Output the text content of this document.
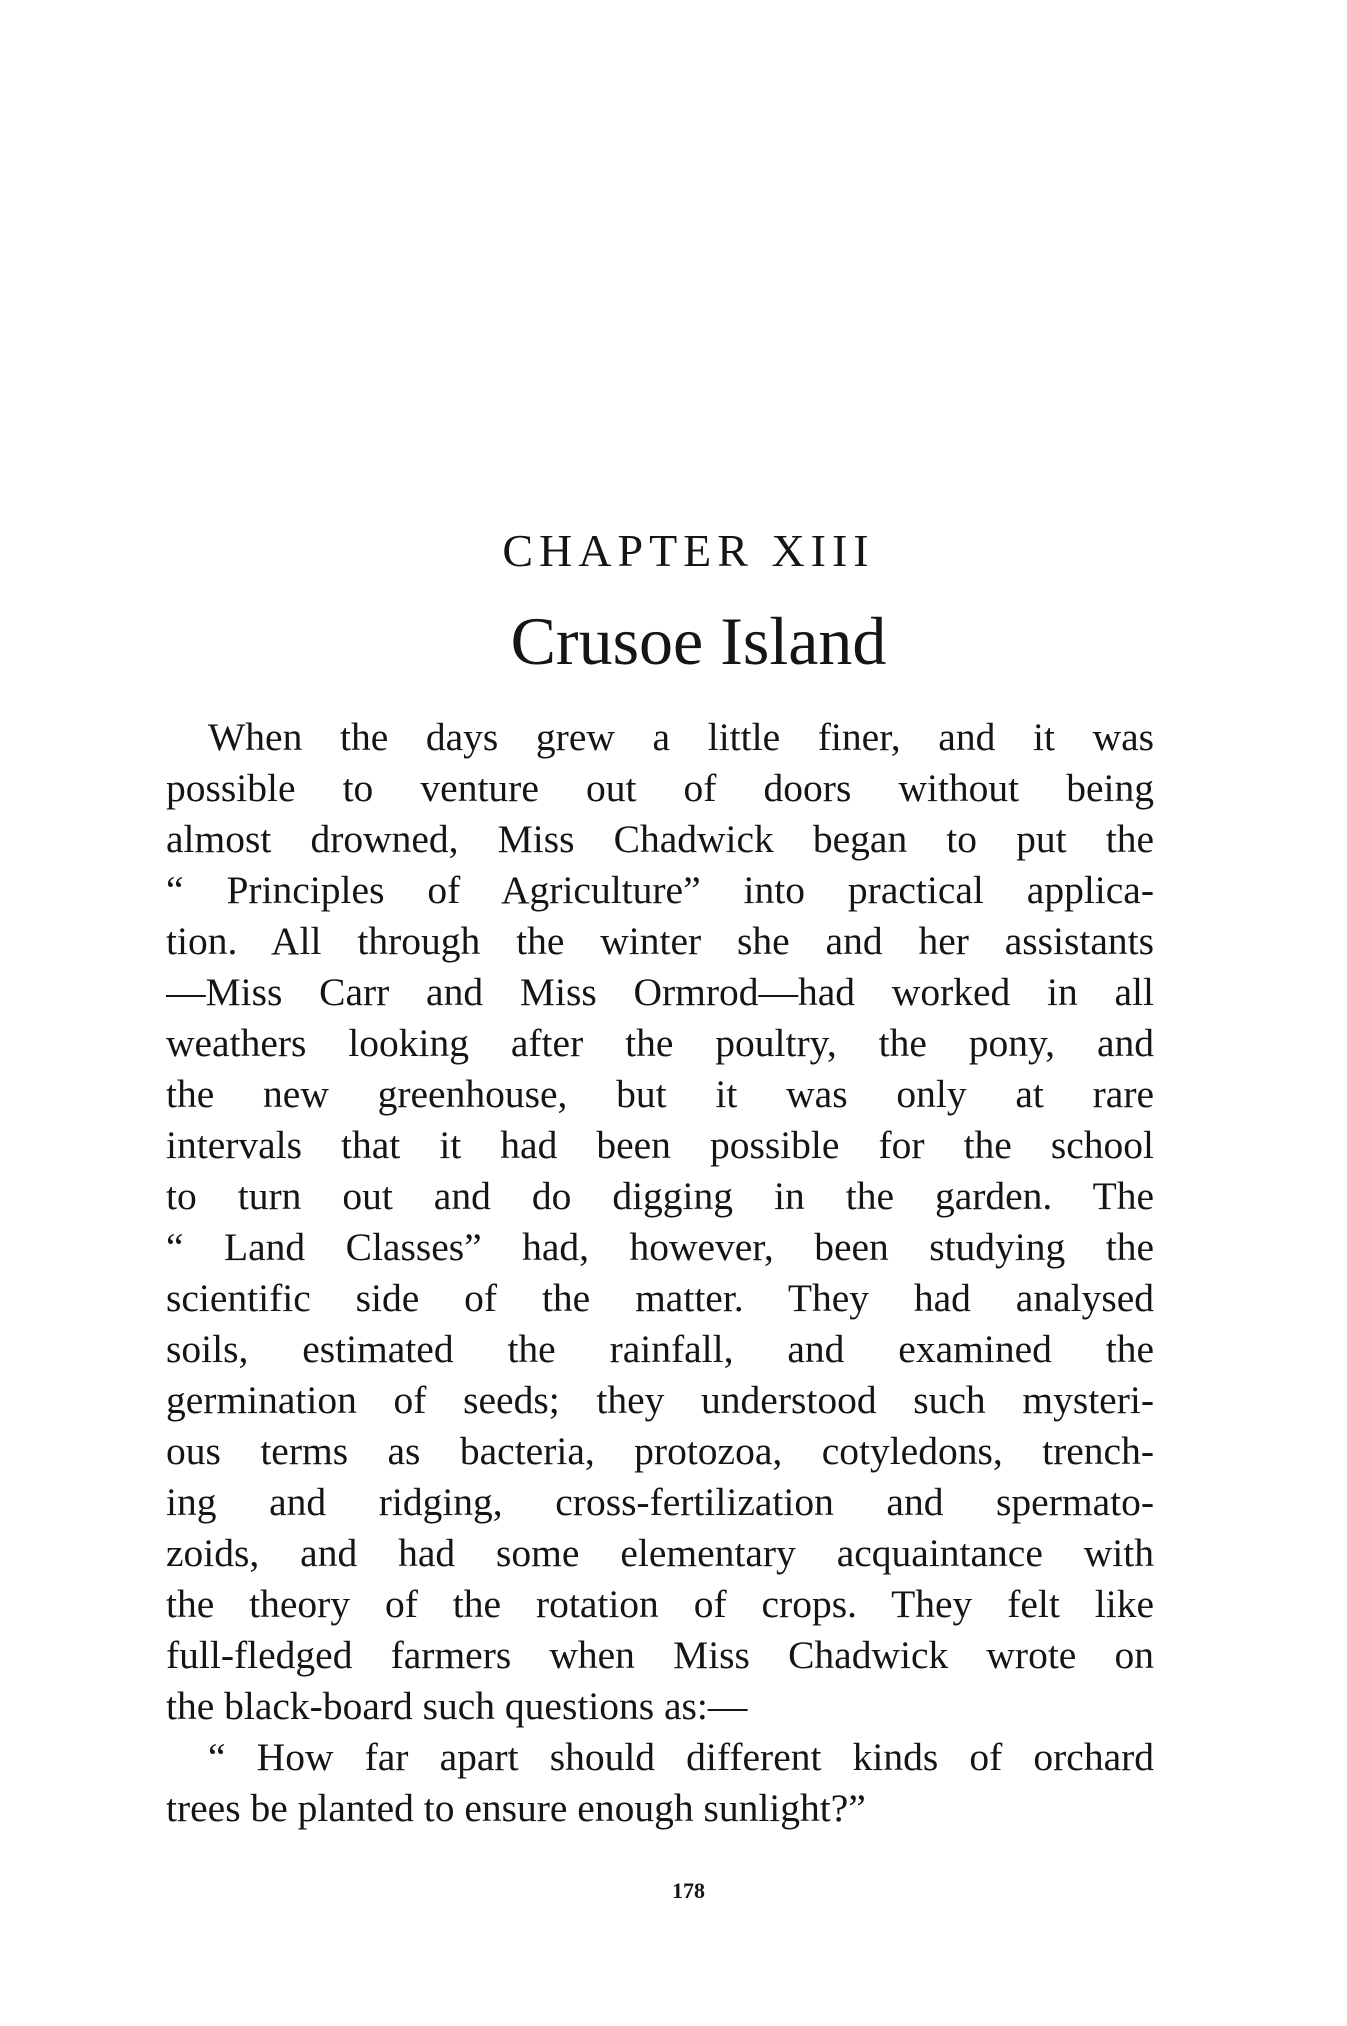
CHAPTER XIII
Crusoe Island

When the days grew a little finer, and it was
possible to venture out of doors without being
almost drowned, Miss Chadwick began to put the
“ Principles of Agriculture” into practical applica-
tion. All through the winter she and her assistants
—Miss Carr and Miss Ormrod—had worked in all
weathers looking after the poultry, the pony, and
the new greenhouse, but it was only at rare
intervals that it had been possible for the school
to turn out and do digging in the garden. The
“ Land Classes” had, however, been studying the
scientific side of the matter. They had analysed
soils, estimated the rainfall, and examined the
germination of seeds; they understood such mysteri-
ous terms as bacteria, protozoa, cotyledons, trench-
ing and ridging, cross-fertilization and spermato-
zoids, and had some elementary acquaintance with
the theory of the rotation of crops. They felt like
full-fledged farmers when Miss Chadwick wrote on
the black-board such questions as:—

“ How far apart should different kinds of orchard
trees be planted to ensure enough sunlight?”

178
